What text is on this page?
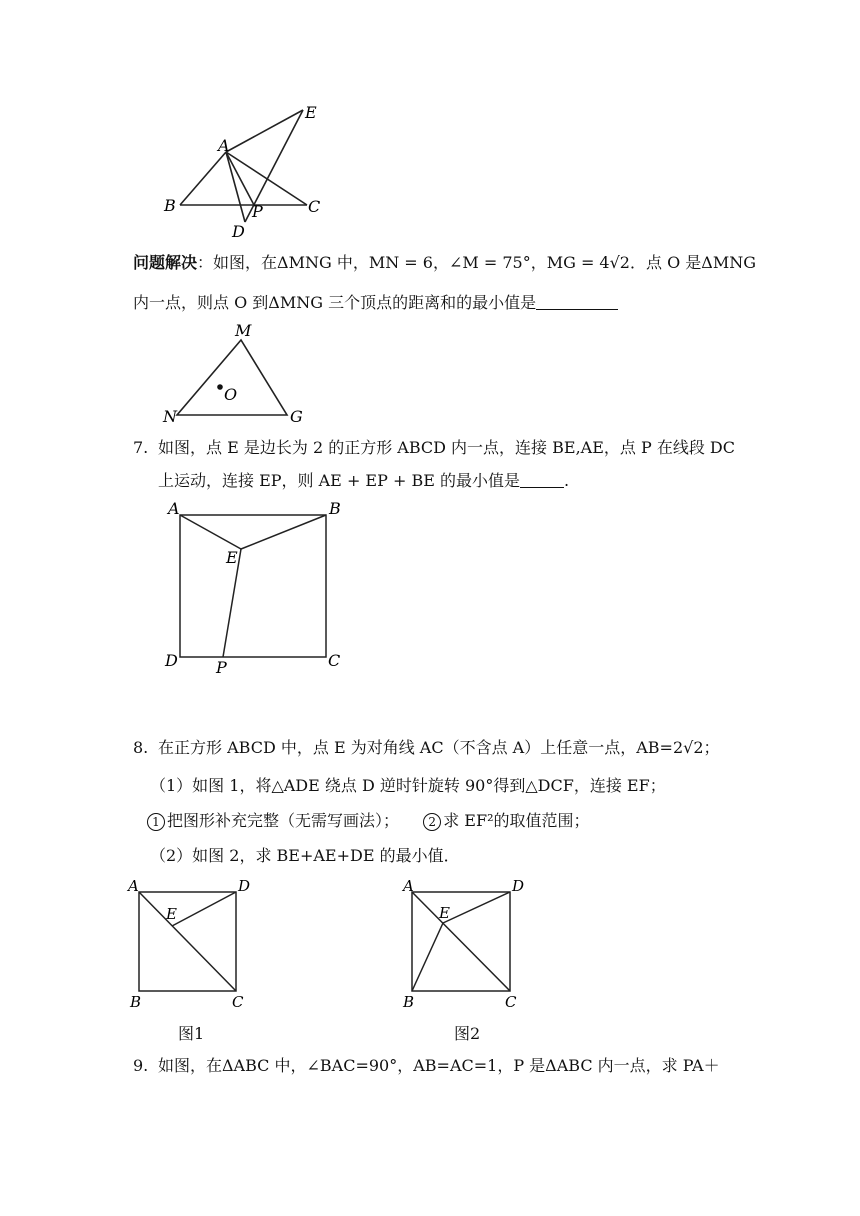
E
A
B	C
P
D
问题解决：如图，在ΔMNG 中，MN = 6，∠M = 75°，MG = 4√2．点 O 是ΔMNG
内一点，则点 O 到ΔMNG 三个顶点的距离和的最小值是
M
O
N	G
7. 如图，点 E 是边长为 2 的正方形 ABCD 内一点，连接 BE,AE，点 P 在线段 DC
上运动，连接 EP，则 AE + EP + BE 的最小值是	.
A	B
E
D	C
P
8. 在正方形 ABCD 中，点 E 为对角线 AC（不含点 A）上任意一点，AB=2√2；
（1）如图 1，将△ADE 绕点 D 逆时针旋转 90°得到△DCF，连接 EF；
1 把图形补充完整（无需写画法）； 2 求 EF²的取值范围；
（2）如图 2，求 BE+AE+DE 的最小值．
A	D
E
B	C
图1
A	D
E
B	C
图2
9. 如图，在ΔABC 中，∠BAC=90°，AB=AC=1，P 是ΔABC 内一点，求 PA＋
